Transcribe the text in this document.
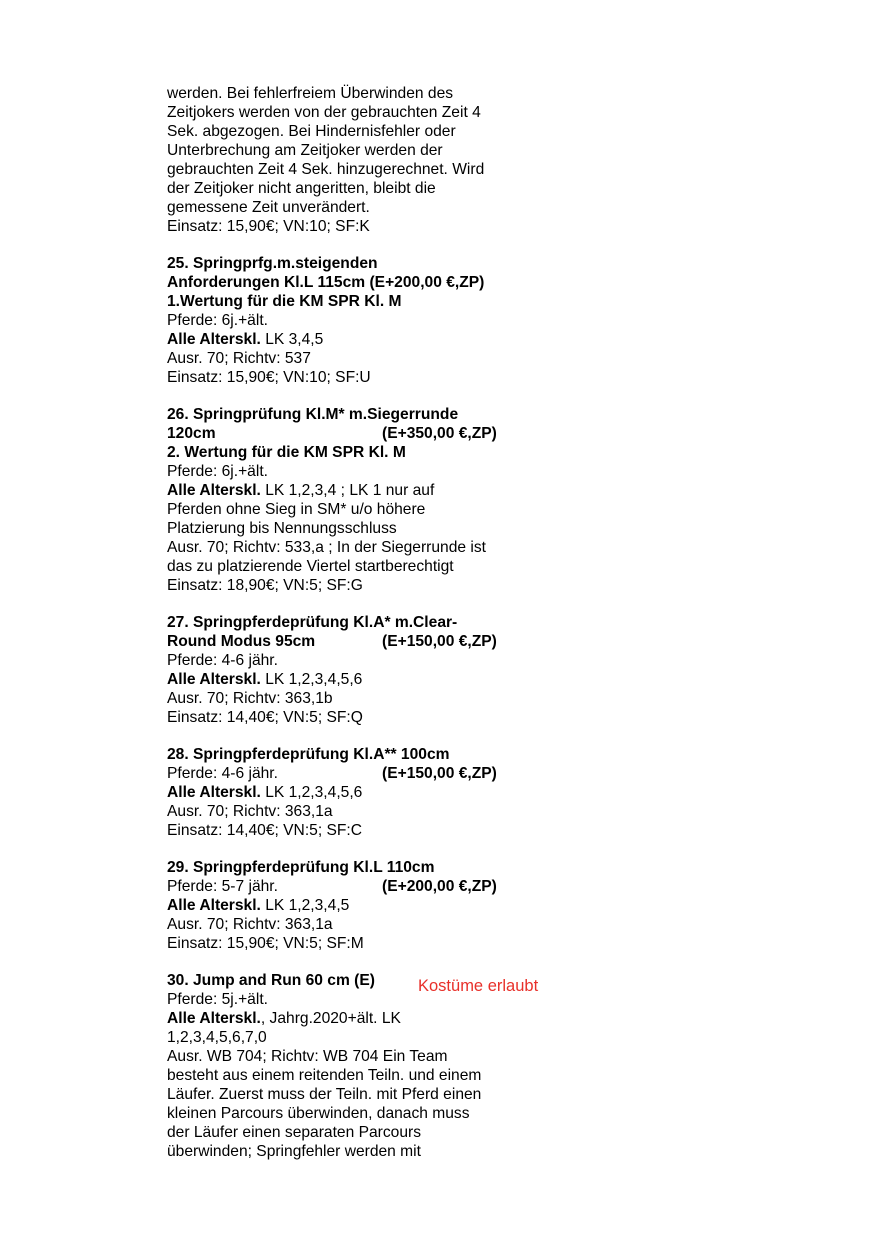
werden. Bei fehlerfreiem Überwinden des
Zeitjokers werden von der gebrauchten Zeit 4
Sek. abgezogen. Bei Hindernisfehler oder
Unterbrechung am Zeitjoker werden der
gebrauchten Zeit 4 Sek. hinzugerechnet. Wird
der Zeitjoker nicht angeritten, bleibt die
gemessene Zeit unverändert.
Einsatz: 15,90€; VN:10; SF:K
25. Springprfg.m.steigenden
Anforderungen Kl.L 115cm (E+200,00 €,ZP)
1.Wertung für die KM SPR Kl. M
Pferde: 6j.+ält.
Alle Alterskl. LK 3,4,5
Ausr. 70; Richtv: 537
Einsatz: 15,90€; VN:10; SF:U
26. Springprüfung Kl.M* m.Siegerrunde
120cm	(E+350,00 €,ZP)
2. Wertung für die KM SPR Kl. M
Pferde: 6j.+ält.
Alle Alterskl. LK 1,2,3,4 ; LK 1 nur auf
Pferden ohne Sieg in SM* u/o höhere
Platzierung bis Nennungsschluss
Ausr. 70; Richtv: 533,a ; In der Siegerrunde ist
das zu platzierende Viertel startberechtigt
Einsatz: 18,90€; VN:5; SF:G
27. Springpferdeprüfung Kl.A* m.Clear-
Round Modus 95cm	(E+150,00 €,ZP)
Pferde: 4-6 jähr.
Alle Alterskl. LK 1,2,3,4,5,6
Ausr. 70; Richtv: 363,1b
Einsatz: 14,40€; VN:5; SF:Q
28. Springpferdeprüfung Kl.A** 100cm
Pferde: 4-6 jähr.	(E+150,00 €,ZP)
Alle Alterskl. LK 1,2,3,4,5,6
Ausr. 70; Richtv: 363,1a
Einsatz: 14,40€; VN:5; SF:C
29. Springpferdeprüfung Kl.L 110cm
Pferde: 5-7 jähr.	(E+200,00 €,ZP)
Alle Alterskl. LK 1,2,3,4,5
Ausr. 70; Richtv: 363,1a
Einsatz: 15,90€; VN:5; SF:M
30. Jump and Run 60 cm (E)	Kostüme erlaubt
Pferde: 5j.+ält.
Alle Alterskl., Jahrg.2020+ält. LK
1,2,3,4,5,6,7,0
Ausr. WB 704; Richtv: WB 704 Ein Team
besteht aus einem reitenden Teiln. und einem
Läufer. Zuerst muss der Teiln. mit Pferd einen
kleinen Parcours überwinden, danach muss
der Läufer einen separaten Parcours
überwinden; Springfehler werden mit
